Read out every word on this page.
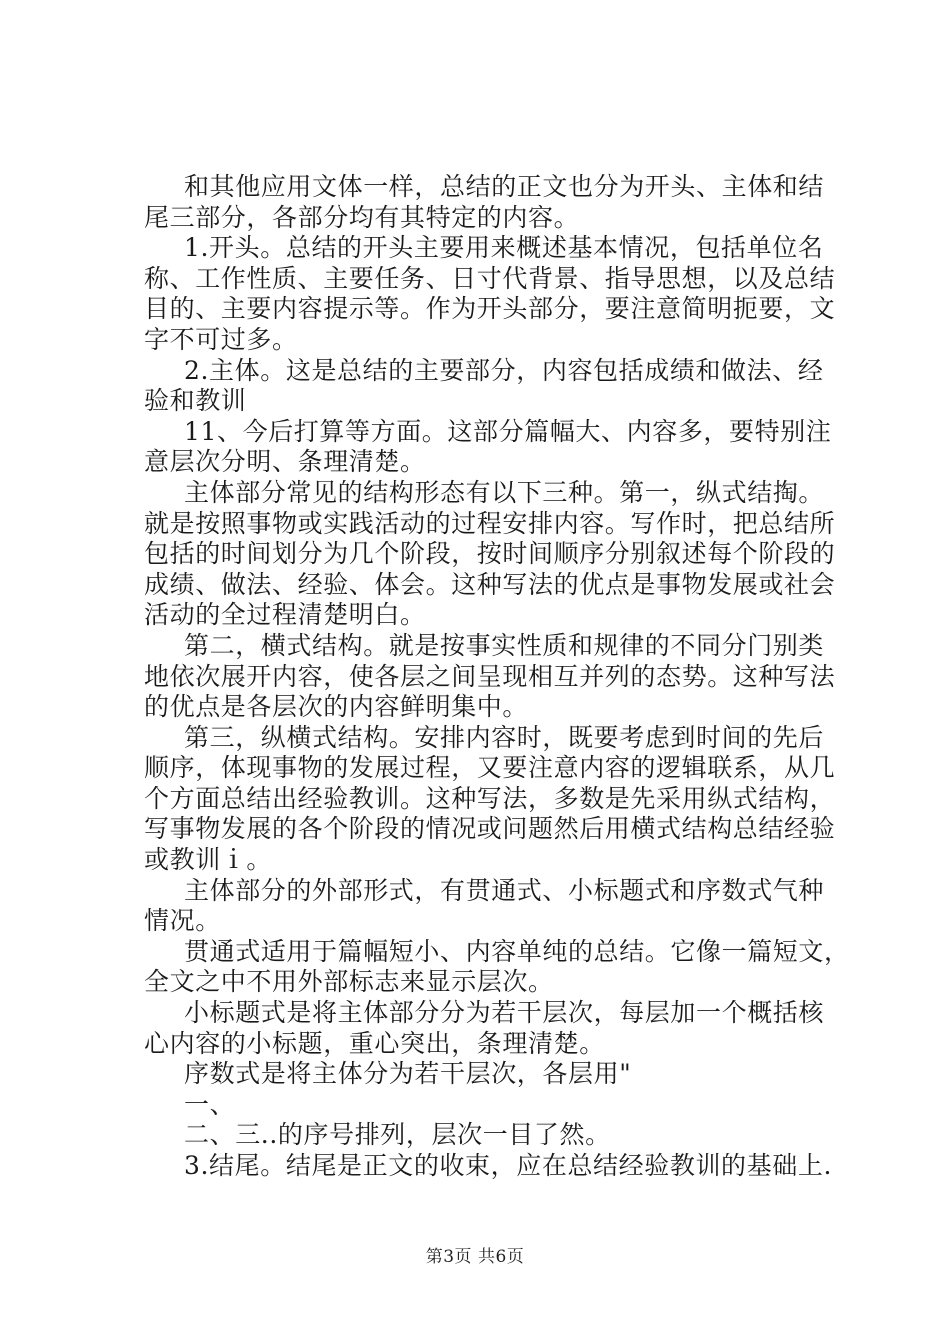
和其他应用文体一样，总结的正文也分为开头、主体和结
尾三部分，各部分均有其特定的内容。
1.开头。总结的开头主要用来概述基本情况，包括单位名
称、工作性质、主要任务、日寸代背景、指导思想，以及总结
目的、主要内容提示等。作为开头部分，要注意简明扼要，文
字不可过多。
2.主体。这是总结的主要部分，内容包括成绩和做法、经
验和教训
11、今后打算等方面。这部分篇幅大、内容多，要特别注
意层次分明、条理清楚。
主体部分常见的结构形态有以下三种。第一，纵式结掏。
就是按照事物或实践活动的过程安排内容。写作时，把总结所
包括的时间划分为几个阶段，按时间顺序分别叙述每个阶段的
成绩、做法、经验、体会。这种写法的优点是事物发展或社会
活动的全过程清楚明白。
第二，横式结构。就是按事实性质和规律的不同分门别类
地依次展开内容，使各层之间呈现相互并列的态势。这种写法
的优点是各层次的内容鲜明集中。
第三，纵横式结构。安排内容时，既要考虑到时间的先后
顺序，体现事物的发展过程，又要注意内容的逻辑联系，从几
个方面总结出经验教训。这种写法，多数是先采用纵式结构，
写事物发展的各个阶段的情况或问题然后用横式结构总结经验
或教训ｉ。
主体部分的外部形式，有贯通式、小标题式和序数式气种
情况。
贯通式适用于篇幅短小、内容单纯的总结。它像一篇短文，
全文之中不用外部标志来显示层次。
小标题式是将主体部分分为若干层次，每层加一个概括核
心内容的小标题，重心突出，条理清楚。
序数式是将主体分为若干层次，各层用"
一、
二、三..的序号排列，层次一目了然。
3.结尾。结尾是正文的收束，应在总结经验教训的基础上.
第3页 共6页
